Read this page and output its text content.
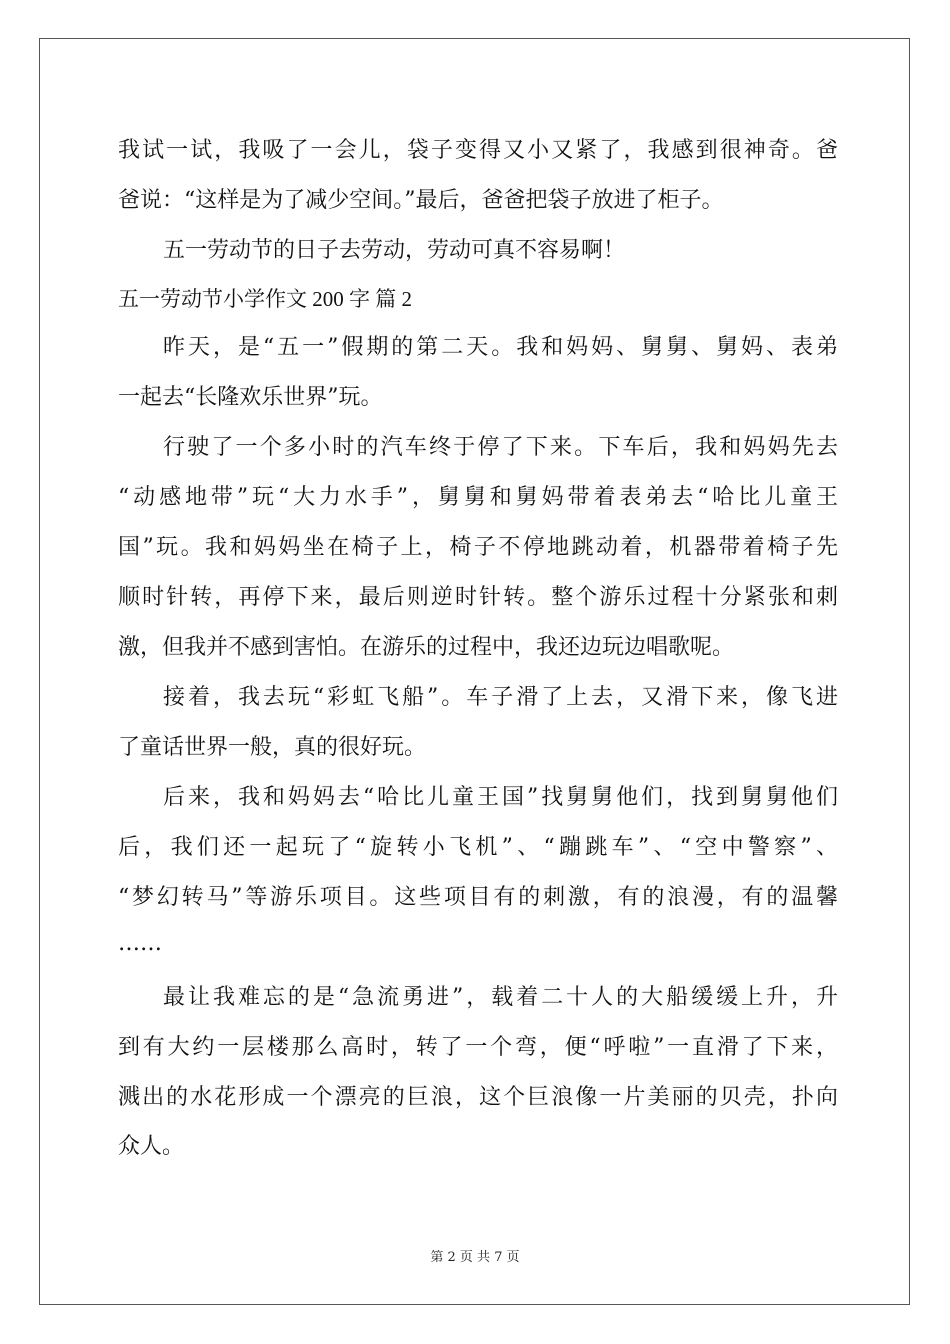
我试一试，我吸了一会儿，袋子变得又小又紧了，我感到很神奇。爸
爸说：“这样是为了减少空间。”最后，爸爸把袋子放进了柜子。
五一劳动节的日子去劳动，劳动可真不容易啊！
五一劳动节小学作文 200 字 篇 2
昨天，是“五一”假期的第二天。我和妈妈、舅舅、舅妈、表弟
一起去“长隆欢乐世界”玩。
行驶了一个多小时的汽车终于停了下来。下车后，我和妈妈先去
“动感地带”玩“大力水手”，舅舅和舅妈带着表弟去“哈比儿童王
国”玩。我和妈妈坐在椅子上，椅子不停地跳动着，机器带着椅子先
顺时针转，再停下来，最后则逆时针转。整个游乐过程十分紧张和刺
激，但我并不感到害怕。在游乐的过程中，我还边玩边唱歌呢。
接着，我去玩“彩虹飞船”。车子滑了上去，又滑下来，像飞进
了童话世界一般，真的很好玩。
后来，我和妈妈去“哈比儿童王国”找舅舅他们，找到舅舅他们
后，我们还一起玩了“旋转小飞机”、“蹦跳车”、“空中警察”、
“梦幻转马”等游乐项目。这些项目有的刺激，有的浪漫，有的温馨
……
最让我难忘的是“急流勇进”，载着二十人的大船缓缓上升，升
到有大约一层楼那么高时，转了一个弯，便“呼啦”一直滑了下来，
溅出的水花形成一个漂亮的巨浪，这个巨浪像一片美丽的贝壳，扑向
众人。
第 2 页 共 7 页
